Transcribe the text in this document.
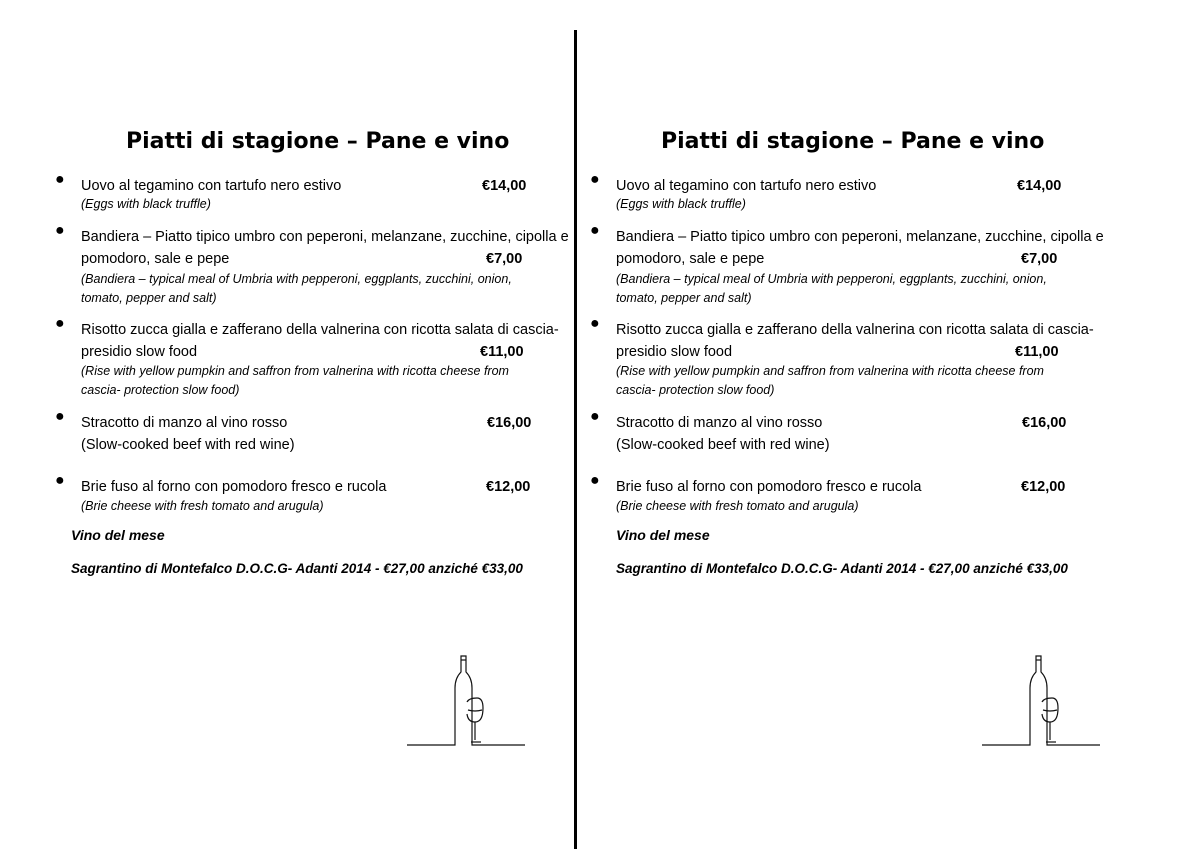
Piatti di stagione – Pane e vino
● Uovo al tegamino con tartufo nero estivo	€14,00
(Eggs with black truffle)
● Bandiera – Piatto tipico umbro con peperoni, melanzane, zucchine, cipolla e
pomodoro, sale e pepe	€7,00
(Bandiera – typical meal of Umbria with pepperoni, eggplants, zucchini, onion,
tomato, pepper and salt)
● Risotto zucca gialla e zafferano della valnerina con ricotta salata di cascia-
presidio slow food	€11,00
(Rise with yellow pumpkin and saffron from valnerina with ricotta cheese from
cascia- protection slow food)
● Stracotto di manzo al vino rosso	€16,00
(Slow-cooked beef with red wine)
● Brie fuso al forno con pomodoro fresco e rucola	€12,00
(Brie cheese with fresh tomato and arugula)
Vino del mese
Sagrantino di Montefalco D.O.C.G- Adanti 2014 - €27,00 anziché €33,00
Piatti di stagione – Pane e vino
● Uovo al tegamino con tartufo nero estivo	€14,00
(Eggs with black truffle)
● Bandiera – Piatto tipico umbro con peperoni, melanzane, zucchine, cipolla e
pomodoro, sale e pepe	€7,00
(Bandiera – typical meal of Umbria with pepperoni, eggplants, zucchini, onion,
tomato, pepper and salt)
● Risotto zucca gialla e zafferano della valnerina con ricotta salata di cascia-
presidio slow food	€11,00
(Rise with yellow pumpkin and saffron from valnerina with ricotta cheese from
cascia- protection slow food)
● Stracotto di manzo al vino rosso	€16,00
(Slow-cooked beef with red wine)
● Brie fuso al forno con pomodoro fresco e rucola	€12,00
(Brie cheese with fresh tomato and arugula)
Vino del mese
Sagrantino di Montefalco D.O.C.G- Adanti 2014 - €27,00 anziché €33,00
